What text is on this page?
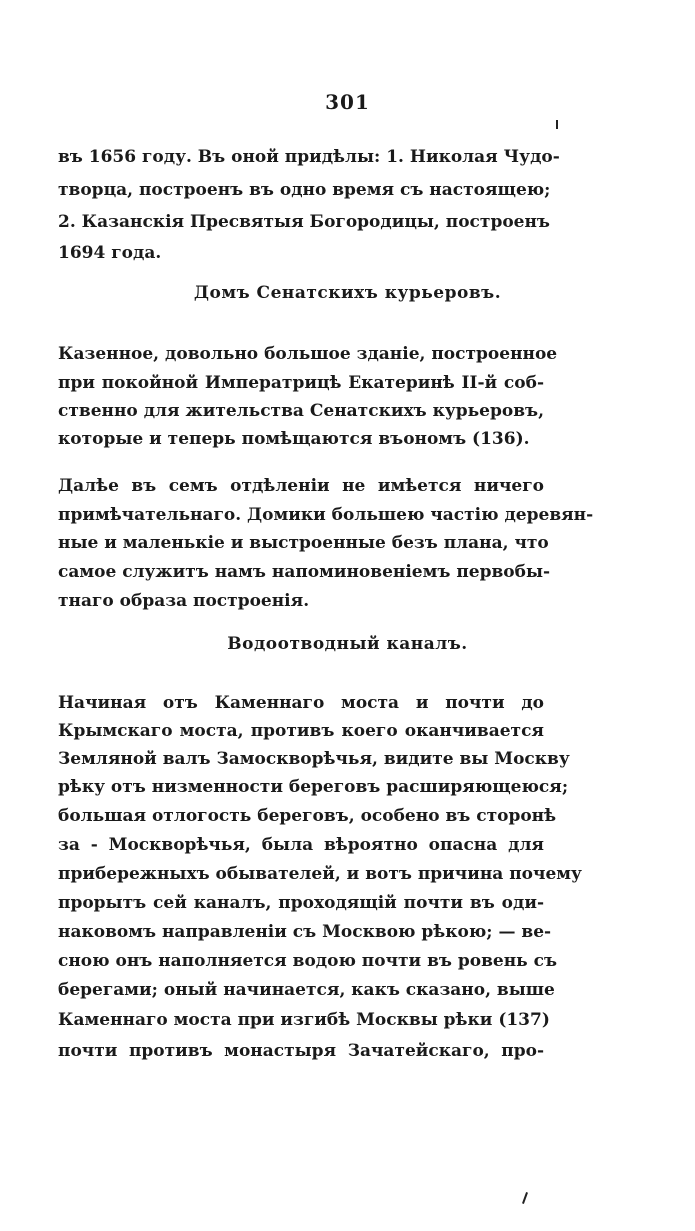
301
въ 1656 году. Въ оной придѣлы: 1. Николая Чудо-
творца, построенъ въ одно время съ настоящею;
2. Казанскія Пресвятыя Богородицы, построенъ
1694 года.
Домъ Сенатскихъ курьеровъ.
Казенное, довольно большое зданіе, построенное
при покойной Императрицѣ Екатеринѣ II-й соб-
ственно для жительства Сенатскихъ курьеровъ,
которые и теперь помѣщаются въономъ (136).
Далѣе въ семъ отдѣленіи не имѣется ничего
примѣчательнаго. Домики большею частію деревян-
ные и маленькіе и выстроенные безъ плана, что
самое служитъ намъ напоминовеніемъ первобы-
тнаго образа построенія.
Водоотводный каналъ.
Начиная отъ Каменнаго моста и почти до
Крымскаго моста, противъ коего оканчивается
Земляной валъ Замоскворѣчья, видите вы Москву
рѣку отъ низменности береговъ расширяющеюся;
большая отлогость береговъ, особено въ сторонѣ
за - Москворѣчья, была вѣроятно опасна для
прибережныхъ обывателей, и вотъ причина почему
прорытъ сей каналъ, проходящій почти въ оди-
наковомъ направленіи съ Москвою рѣкою; — ве-
сною онъ наполняется водою почти въ ровень съ
берегами; оный начинается, какъ сказано, выше
Каменнаго моста при изгибѣ Москвы рѣки (137)
почти противъ монастыря Зачатейскаго, про-
